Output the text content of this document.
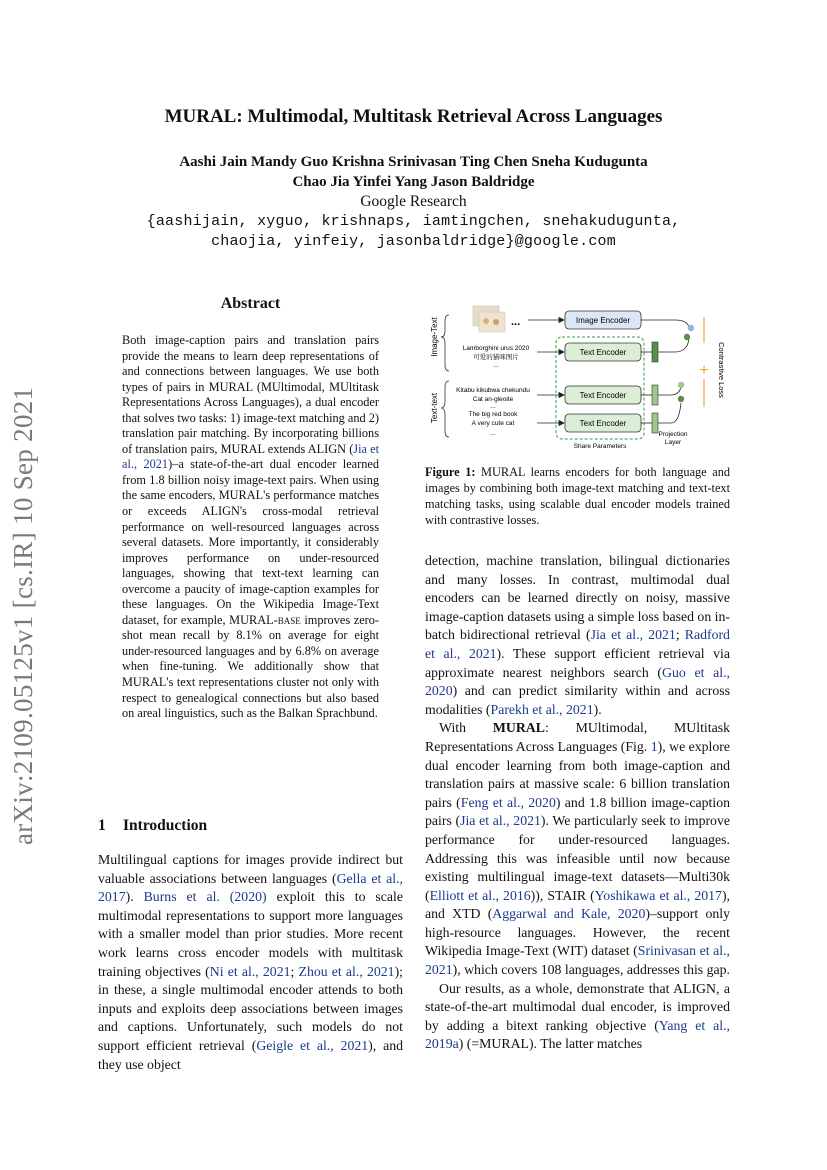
arXiv:2109.05125v1 [cs.IR] 10 Sep 2021
MURAL: Multimodal, Multitask Retrieval Across Languages
Aashi Jain Mandy Guo Krishna Srinivasan Ting Chen Sneha Kudugunta
Chao Jia Yinfei Yang Jason Baldridge
Google Research
{aashijain, xyguo, krishnaps, iamtingchen, snehakudugunta,
chaojia, yinfeiy, jasonbaldridge}@google.com
Abstract
Both image-caption pairs and translation pairs provide the means to learn deep representations of and connections between languages. We use both types of pairs in MURAL (MUltimodal, MUltitask Representations Across Languages), a dual encoder that solves two tasks: 1) image-text matching and 2) translation pair matching. By incorporating billions of translation pairs, MURAL extends ALIGN (Jia et al., 2021)–a state-of-the-art dual encoder learned from 1.8 billion noisy image-text pairs. When using the same encoders, MURAL's performance matches or exceeds ALIGN's cross-modal retrieval performance on well-resourced languages across several datasets. More importantly, it considerably improves performance on under-resourced languages, showing that text-text learning can overcome a paucity of image-caption examples for these languages. On the Wikipedia Image-Text dataset, for example, MURAL-base improves zero-shot mean recall by 8.1% on average for eight under-resourced languages and by 6.8% on average when fine-tuning. We additionally show that MURAL's text representations cluster not only with respect to genealogical connections but also based on areal linguistics, such as the Balkan Sprachbund.
1 Introduction

Multilingual captions for images provide indirect but valuable associations between languages (Gella et al., 2017). Burns et al. (2020) exploit this to scale multimodal representations to support more languages with a smaller model than prior studies. More recent work learns cross encoder models with multitask training objectives (Ni et al., 2021; Zhou et al., 2021); in these, a single multimodal encoder attends to both inputs and exploits deep associations between images and captions. Unfortunately, such models do not support efficient retrieval (Geigle et al., 2021), and they use object

Image-Text
Text-text
...
Lamborghini urus 2020
可爱的猫咪图片
...
Kitabu kikubwa chekundu
Cat an-gleoite
...
The big red book
A very cute cat
...
Share Parameters
Image Encoder
Text Encoder
Text Encoder
Text Encoder
Projection
Layer
+ Contrastive Loss
Figure 1: MURAL learns encoders for both language and images by combining both image-text matching and text-text matching tasks, using scalable dual encoder models trained with contrastive losses.

detection, machine translation, bilingual dictionaries and many losses. In contrast, multimodal dual encoders can be learned directly on noisy, massive image-caption datasets using a simple loss based on in-batch bidirectional retrieval (Jia et al., 2021; Radford et al., 2021). These support efficient retrieval via approximate nearest neighbors search (Guo et al., 2020) and can predict similarity within and across modalities (Parekh et al., 2021).

With MURAL: MUltimodal, MUltitask Representations Across Languages (Fig. 1), we explore dual encoder learning from both image-caption and translation pairs at massive scale: 6 billion translation pairs (Feng et al., 2020) and 1.8 billion image-caption pairs (Jia et al., 2021). We particularly seek to improve performance for under-resourced languages. Addressing this was infeasible until now because existing multilingual image-text datasets—Multi30k (Elliott et al., 2016)), STAIR (Yoshikawa et al., 2017), and XTD (Aggarwal and Kale, 2020)–support only high-resource languages. However, the recent Wikipedia Image-Text (WIT) dataset (Srinivasan et al., 2021), which covers 108 languages, addresses this gap.

Our results, as a whole, demonstrate that ALIGN, a state-of-the-art multimodal dual encoder, is improved by adding a bitext ranking objective (Yang et al., 2019a) (=MURAL). The latter matches
